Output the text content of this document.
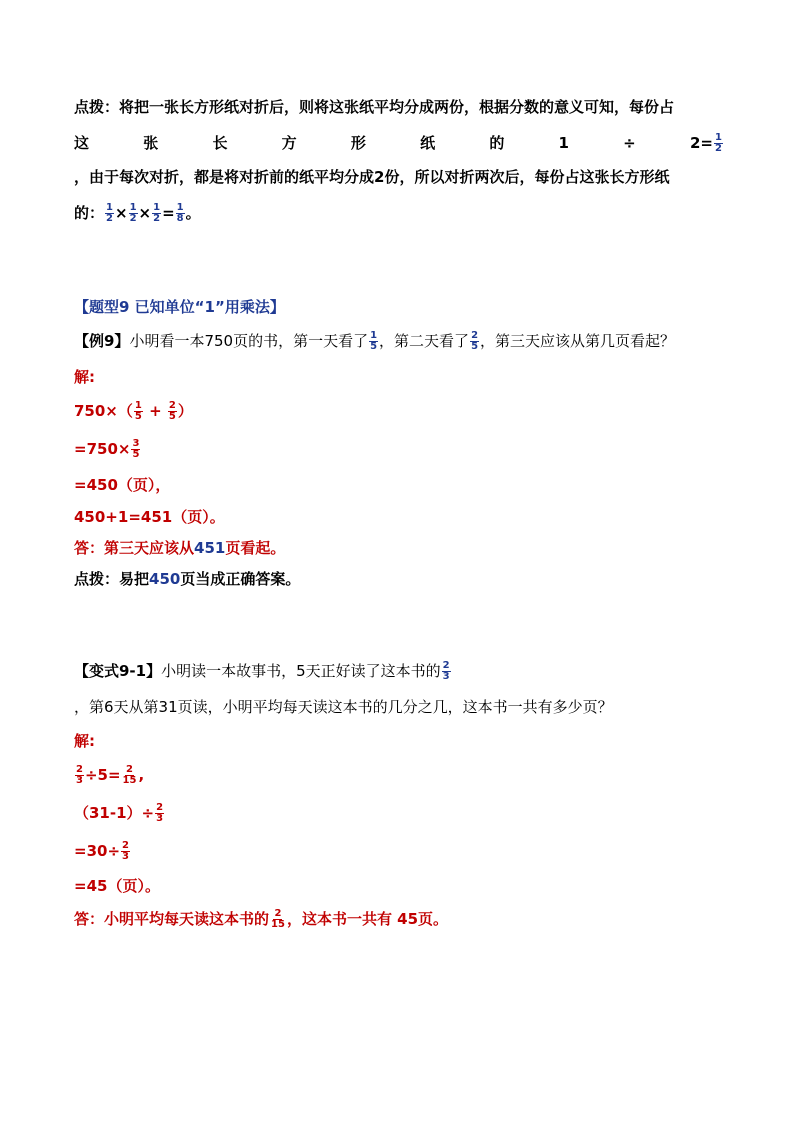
点拨：将把一张长方形纸对折后，则将这张纸平均分成两份，根据分数的意义可知，每份占
这	张	长	方	形	纸	的	1	÷	$2= \frac{1}{2}$
，由于每次对折，都是将对折前的纸平均分成2份，所以对折两次后，每份占这张长方形纸
的： $\frac{1}{2} \times \frac{1}{2} \times \frac{1}{2} = \frac{1}{8}$ 。
【题型9 已知单位“1”用乘法】
【例9】小明看一本750页的书，第一天看了 $\frac{1}{5}$ ，第二天看了 $\frac{2}{5}$ ，第三天应该从第几页看起？
解:
$750\times( \frac{1}{5} + \frac{2}{5}$ ）
$=750\times \frac{3}{5}$
=450（页），
450+1=451（页）。
答：第三天应该从451页看起。
点拨：易把450页当成正确答案。
【变式9-1】小明读一本故事书，5天正好读了这本书的 $\frac{2}{3}$
，第6天从第31页读，小明平均每天读这本书的几分之几，这本书一共有多少页？
解:
$\frac{2}{3} \div 5= \frac{2}{15}$ ,
$(31-1)\div \frac{2}{3}$
$=30\div \frac{2}{3}$
=45（页）。
答：小明平均每天读这本书的 $\frac{2}{15}$ ，这本书一共有 45页。
